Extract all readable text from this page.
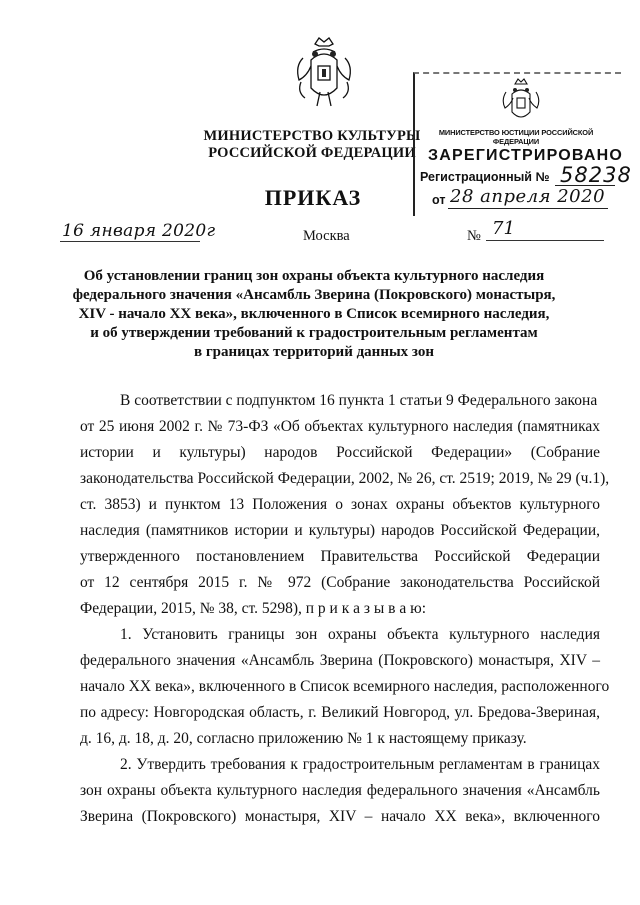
МИНИСТЕРСТВО КУЛЬТУРЫ
РОССИЙСКОЙ ФЕДЕРАЦИИ
МИНИСТЕРСТВО ЮСТИЦИИ РОССИЙСКОЙ ФЕДЕРАЦИИ
ЗАРЕГИСТРИРОВАНО
Регистрационный № 58238
от 28 апреля 2020
ПРИКАЗ
16 января 2020г	Москва	№ 71
Об установлении границ зон охраны объекта культурного наследия
федерального значения «Ансамбль Зверина (Покровского) монастыря,
XIV - начало XX века», включенного в Список всемирного наследия,
и об утверждении требований к градостроительным регламентам
в границах территорий данных зон
В соответствии с подпунктом 16 пункта 1 статьи 9 Федерального закона
от 25 июня 2002 г. № 73-ФЗ «Об объектах культурного наследия (памятниках
истории и культуры) народов Российской Федерации» (Собрание
законодательства Российской Федерации, 2002, № 26, ст. 2519; 2019, № 29 (ч.1),
ст. 3853) и пунктом 13 Положения о зонах охраны объектов культурного
наследия (памятников истории и культуры) народов Российской Федерации,
утвержденного постановлением Правительства Российской Федерации
от 12 сентября 2015 г. № 972 (Собрание законодательства Российской
Федерации, 2015, № 38, ст. 5298), п р и к а з ы в а ю:
1. Установить границы зон охраны объекта культурного наследия
федерального значения «Ансамбль Зверина (Покровского) монастыря, XIV –
начало XX века», включенного в Список всемирного наследия, расположенного
по адресу: Новгородская область, г. Великий Новгород, ул. Бредова-Звериная,
д. 16, д. 18, д. 20, согласно приложению № 1 к настоящему приказу.
2. Утвердить требования к градостроительным регламентам в границах
зон охраны объекта культурного наследия федерального значения «Ансамбль
Зверина (Покровского) монастыря, XIV – начало XX века», включенного
